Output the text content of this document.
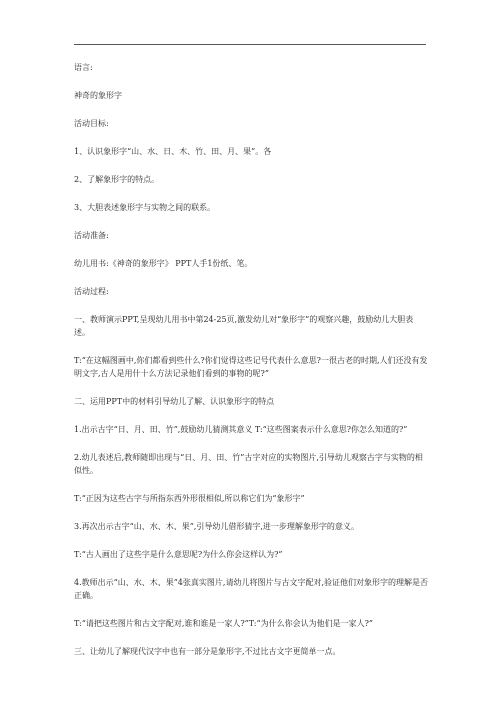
语言:

神奇的象形字

活动目标:

1、认识象形字“山、水、日、木、竹、田、月、果”。各

2、了解象形字的特点。

3、大胆表述象形字与实物之间的联系。

活动准备:

幼儿用书:《神奇的象形字》 PPT人手1份纸、笔。

活动过程:

一、教师演示PPT,呈现幼儿用书中第24-25页,激发幼儿对“象形字”的观察兴趣，鼓励幼儿大胆表述。

T:“在这幅图画中,你们都看到些什么?你们觉得这些记号代表什么意思?一很古老的时期,人们还没有发明文字,古人是用什十么方法记录他们看到的事物的呢?”

二、运用PPT中的材料引导幼儿了解、认识象形字的特点

1.出示古字“日、月、田、竹”,鼓励幼儿猜测其意义 T:“这些图案表示什么意思?你怎么知道的?”

2.幼儿表述后,教师随即出现与“日、月、田、竹”古字对应的实物图片,引导幼儿观察古字与实物的相似性。

T:“正因为这些古字与所指东西外形很相似,所以称它们为“象形字”

3.再次出示古字“山、水、木、果”,引导幼儿借形猜字,进一步理解象形字的意义。

T:“古人画出了这些字是什么意思呢?为什么你会这样认为?”

4.教师出示“山、水、木、果”4张真实图片,请幼儿将图片与古文字配对,验证他们对象形字的理解是否正确。

T:“请把这些图片和古文字配对,谁和谁是一家人?”T:“为什么你会认为他们是一家人?”

三、让幼儿了解现代汉字中也有一部分是象形字,不过比古文字更简单一点。
